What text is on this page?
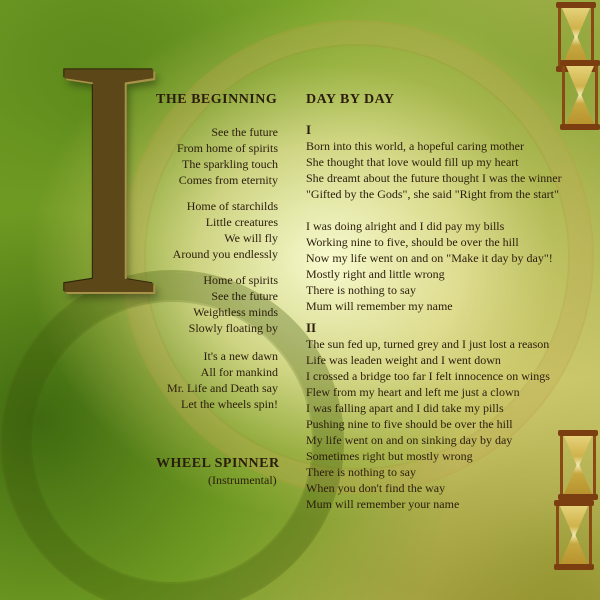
I
THE BEGINNING
See the future
From home of spirits
The sparkling touch
Comes from eternity
Home of starchilds
Little creatures
We will fly
Around you endlessly
Home of spirits
See the future
Weightless minds
Slowly floating by
It's a new dawn
All for mankind
Mr. Life and Death say
Let the wheels spin!
WHEEL SPINNER
(Instrumental)
DAY BY DAY
I
Born into this world, a hopeful caring mother
She thought that love would fill up my heart
She dreamt about the future thought I was the winner
"Gifted by the Gods", she said "Right from the start"
I was doing alright and I did pay my bills
Working nine to five, should be over the hill
Now my life went on and on "Make it day by day"!
Mostly right and little wrong
There is nothing to say
Mum will remember my name
II
The sun fed up, turned grey and I just lost a reason
Life was leaden weight and I went down
I crossed a bridge too far I felt innocence on wings
Flew from my heart and left me just a clown
I was falling apart and I did take my pills
Pushing nine to five should be over the hill
My life went on and on sinking day by day
Sometimes right but mostly wrong
There is nothing to say
When you don't find the way
Mum will remember your name
